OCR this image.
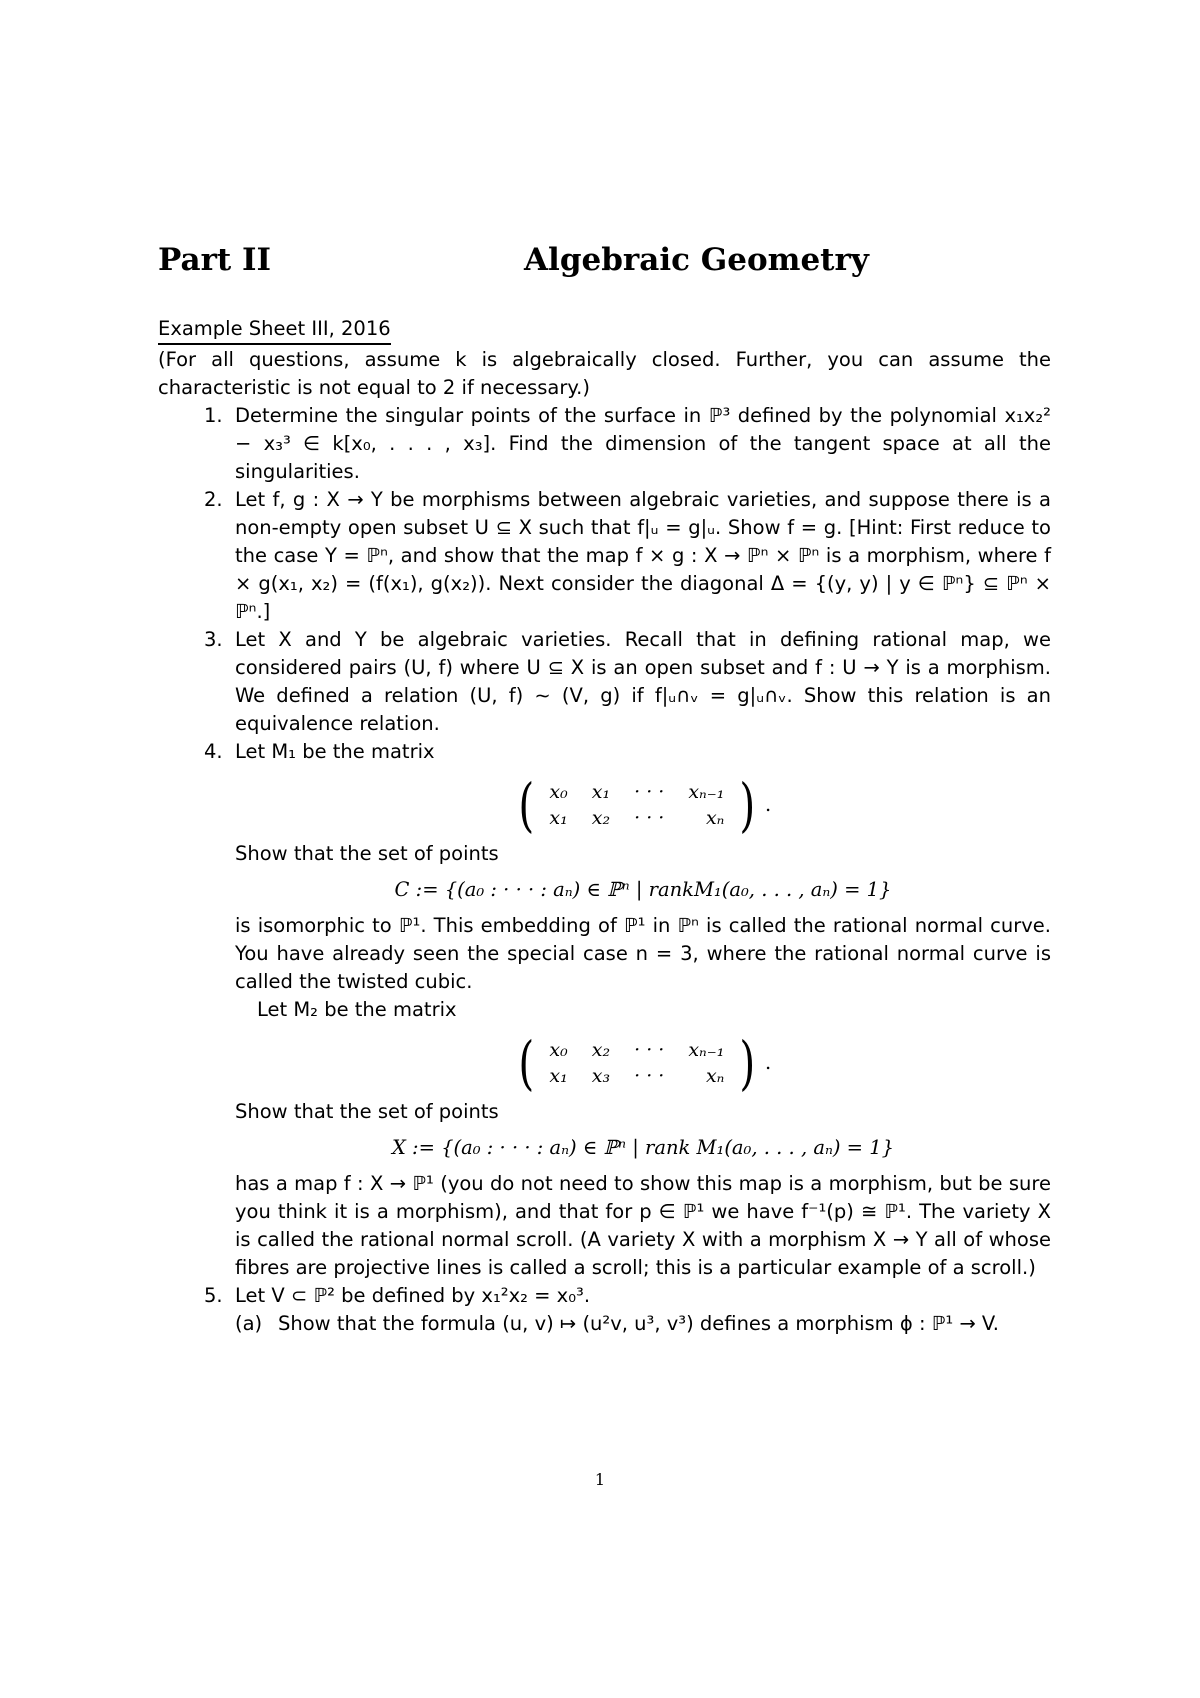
Part II	Algebraic Geometry
Example Sheet III, 2016

(For all questions, assume k is algebraically closed. Further, you can assume the characteristic is not equal to 2 if necessary.)

1. Determine the singular points of the surface in ℙ³ defined by the polynomial x₁x₂² − x₃³ ∈ k[x₀, . . . , x₃]. Find the dimension of the tangent space at all the singularities.

2. Let f, g : X → Y be morphisms between algebraic varieties, and suppose there is a non-empty open subset U ⊆ X such that f|ᵤ = g|ᵤ. Show f = g. [Hint: First reduce to the case Y = ℙⁿ, and show that the map f × g : X → ℙⁿ × ℙⁿ is a morphism, where f × g(x₁, x₂) = (f(x₁), g(x₂)). Next consider the diagonal Δ = {(y, y) | y ∈ ℙⁿ} ⊆ ℙⁿ × ℙⁿ.]

3. Let X and Y be algebraic varieties. Recall that in defining rational map, we considered pairs (U, f) where U ⊆ X is an open subset and f : U → Y is a morphism. We defined a relation (U, f) ∼ (V, g) if f|ᵤ∩ᵥ = g|ᵤ∩ᵥ. Show this relation is an equivalence relation.

4. Let M₁ be the matrix

( x₀	x₁	· · ·	xₙ₋₁
x₁	x₂	· · ·	xₙ ) .

Show that the set of points

C := {(a₀ : · · · : aₙ) ∈ ℙⁿ | rankM₁(a₀, . . . , aₙ) = 1}

is isomorphic to ℙ¹. This embedding of ℙ¹ in ℙⁿ is called the rational normal curve. You have already seen the special case n = 3, where the rational normal curve is called the twisted cubic.

Let M₂ be the matrix

( x₀	x₂	· · ·	xₙ₋₁
x₁	x₃	· · ·	xₙ ) .

Show that the set of points

X := {(a₀ : · · · : aₙ) ∈ ℙⁿ | rank M₁(a₀, . . . , aₙ) = 1}

has a map f : X → ℙ¹ (you do not need to show this map is a morphism, but be sure you think it is a morphism), and that for p ∈ ℙ¹ we have f⁻¹(p) ≅ ℙ¹. The variety X is called the rational normal scroll. (A variety X with a morphism X → Y all of whose fibres are projective lines is called a scroll; this is a particular example of a scroll.)

5. Let V ⊂ ℙ² be defined by x₁²x₂ = x₀³.

(a) Show that the formula (u, v) ↦ (u²v, u³, v³) defines a morphism ϕ : ℙ¹ → V.
1
